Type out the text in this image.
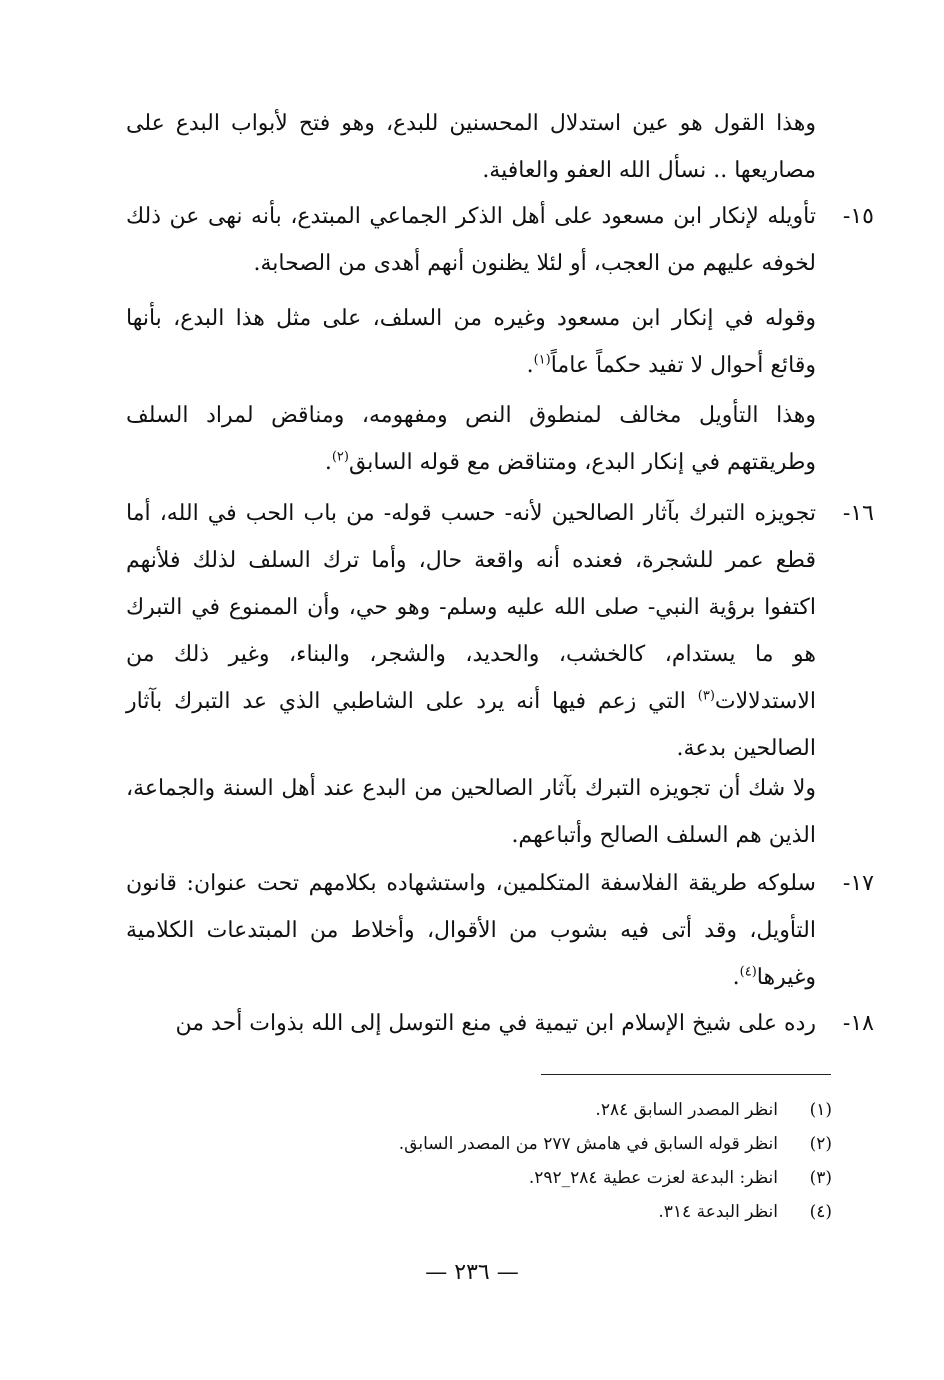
وهذا القول هو عين استدلال المحسنين للبدع، وهو فتح لأبواب البدع على مصاريعها .. نسأل الله العفو والعافية.

١٥-
تأويله لإنكار ابن مسعود على أهل الذكر الجماعي المبتدع، بأنه نهى عن ذلك لخوفه عليهم من العجب، أو لئلا يظنون أنهم أهدى من الصحابة.

وقوله في إنكار ابن مسعود وغيره من السلف، على مثل هذا البدع، بأنها وقائع أحوال لا تفيد حكماً عاماً$^{(١)}$.

وهذا التأويل مخالف لمنطوق النص ومفهومه، ومناقض لمراد السلف وطريقتهم في إنكار البدع، ومتناقض مع قوله السابق$^{(٢)}$.

١٦-
تجويزه التبرك بآثار الصالحين لأنه- حسب قوله- من باب الحب في الله، أما قطع عمر للشجرة، فعنده أنه واقعة حال، وأما ترك السلف لذلك فلأنهم اكتفوا برؤية النبي- صلى الله عليه وسلم- وهو حي، وأن الممنوع في التبرك هو ما يستدام، كالخشب، والحديد، والشجر، والبناء، وغير ذلك من الاستدلالات$^{(٣)}$ التي زعم فيها أنه يرد على الشاطبي الذي عد التبرك بآثار الصالحين بدعة.

ولا شك أن تجويزه التبرك بآثار الصالحين من البدع عند أهل السنة والجماعة، الذين هم السلف الصالح وأتباعهم.

١٧-
سلوكه طريقة الفلاسفة المتكلمين، واستشهاده بكلامهم تحت عنوان: قانون التأويل، وقد أتى فيه بشوب من الأقوال، وأخلاط من المبتدعات الكلامية وغيرها$^{(٤)}$.

١٨-
رده على شيخ الإسلام ابن تيمية في منع التوسل إلى الله بذوات أحد من

(١)
انظر المصدر السابق ٢٨٤.
(٢)
انظر قوله السابق في هامش ٢٧٧ من المصدر السابق.
(٣)
انظر: البدعة لعزت عطية ٢٨٤_٢٩٢.
(٤)
انظر البدعة ٣١٤.
— ٢٣٦ —
